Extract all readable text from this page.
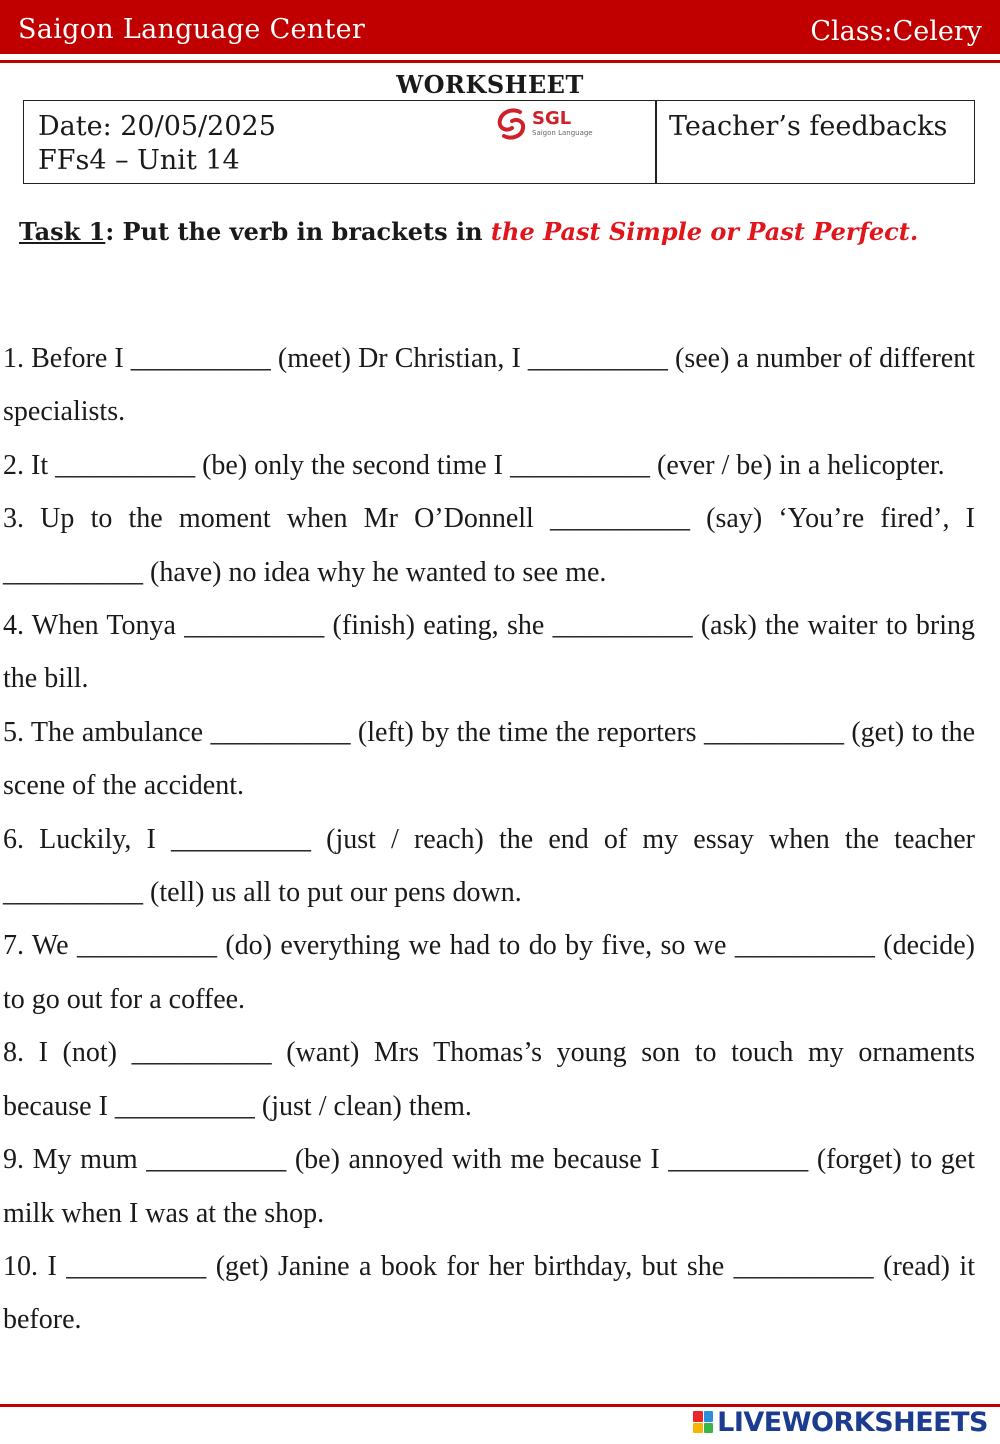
Saigon Language Center	Class:Celery
WORKSHEET
Date: 20/05/2025
FFs4 – Unit 14
SGL
Saigon Language	Teacher’s feedbacks
Task 1: Put the verb in brackets in the Past Simple or Past Perfect.
1. Before I __________ (meet) Dr Christian, I __________ (see) a number of different specialists.
2. It __________ (be) only the second time I __________ (ever / be) in a helicopter.
3. Up to the moment when Mr O’Donnell __________ (say) ‘You’re fired’, I __________ (have) no idea why he wanted to see me.
4. When Tonya __________ (finish) eating, she __________ (ask) the waiter to bring the bill.
5. The ambulance __________ (left) by the time the reporters __________ (get) to the scene of the accident.
6. Luckily, I __________ (just / reach) the end of my essay when the teacher __________ (tell) us all to put our pens down.
7. We __________ (do) everything we had to do by five, so we __________ (decide) to go out for a coffee.
8. I (not) __________ (want) Mrs Thomas’s young son to touch my ornaments because I __________ (just / clean) them.
9. My mum __________ (be) annoyed with me because I __________ (forget) to get milk when I was at the shop.
10. I __________ (get) Janine a book for her birthday, but she __________ (read) it before.
LIVEWORKSHEETS
